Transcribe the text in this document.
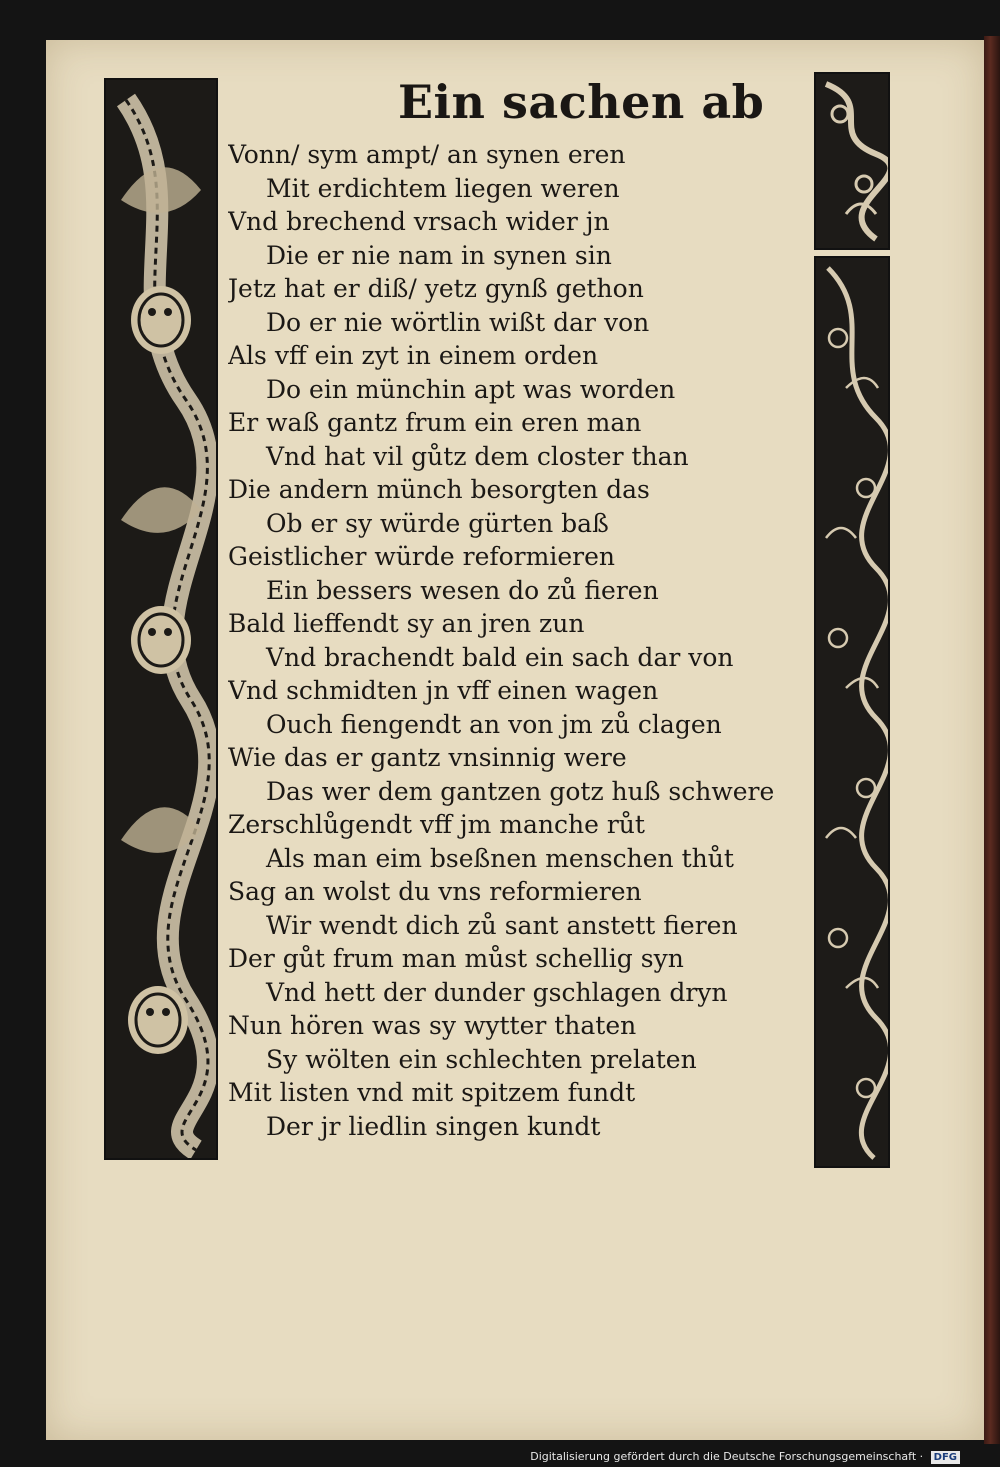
Ein sachen ab
Vonn/ sym ampt/ an synen eren
Mit erdichtem liegen weren
Vnd brechend vrsach wider jn
Die er nie nam in synen sin
Jetz hat er diß/ yetz gynß gethon
Do er nie wörtlin wißt dar von
Als vff ein zyt in einem orden
Do ein münchin apt was worden
Er waß gantz frum ein eren man
Vnd hat vil gůtz dem closter than
Die andern münch besorgten das
Ob er sy würde gürten baß
Geistlicher würde reformieren
Ein bessers wesen do zů fieren
Bald lieffendt sy an jren zun
Vnd brachendt bald ein sach dar von
Vnd schmidten jn vff einen wagen
Ouch fiengendt an von jm zů clagen
Wie das er gantz vnsinnig were
Das wer dem gantzen gotz huß schwere
Zerschlůgendt vff jm manche růt
Als man eim bseßnen menschen thůt
Sag an wolst du vns reformieren
Wir wendt dich zů sant anstett fieren
Der gůt frum man můst schellig syn
Vnd hett der dunder gschlagen dryn
Nun hören was sy wytter thaten
Sy wölten ein schlechten prelaten
Mit listen vnd mit spitzem fundt
Der jr liedlin singen kundt
Digitalisierung gefördert durch die Deutsche Forschungsgemeinschaft · DFG
